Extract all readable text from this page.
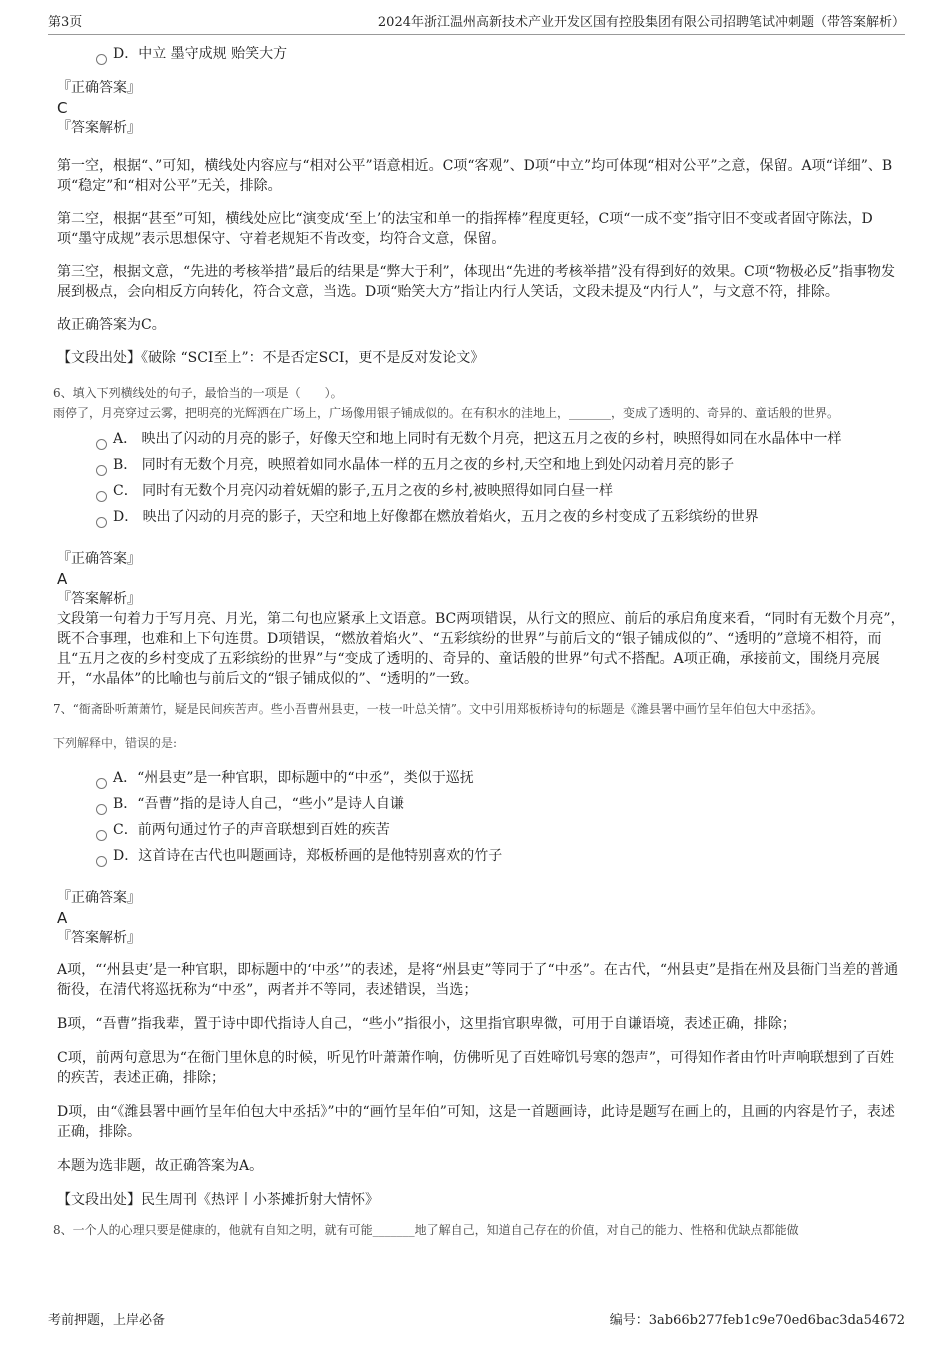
第3页	2024年浙江温州高新技术产业开发区国有控股集团有限公司招聘笔试冲刺题（带答案解析）
D．中立 墨守成规 贻笑大方

『正确答案』

C

『答案解析』

第一空，根据“、”可知，横线处内容应与“相对公平”语意相近。C项“客观”、D项“中立”均可体现“相对公平”之意，保留。A项“详细”、B项“稳定”和“相对公平”无关，排除。

第二空，根据“甚至”可知，横线处应比“演变成‘至上’的法宝和单一的指挥棒”程度更轻，C项“一成不变”指守旧不变或者固守陈法，D项“墨守成规”表示思想保守、守着老规矩不肯改变，均符合文意，保留。

第三空，根据文意，“先进的考核举措”最后的结果是“弊大于利”，体现出“先进的考核举措”没有得到好的效果。C项“物极必反”指事物发展到极点，会向相反方向转化，符合文意，当选。D项“贻笑大方”指让内行人笑话，文段未提及“内行人”，与文意不符，排除。

故正确答案为C。

【文段出处】《破除 “SCI至上”：不是否定SCI，更不是反对发论文》

6、填入下列横线处的句子，最恰当的一项是（　　）。

雨停了，月亮穿过云雾，把明亮的光辉洒在广场上，广场像用银子铺成似的。在有积水的洼地上，_______，变成了透明的、奇异的、童话般的世界。

A． 映出了闪动的月亮的影子，好像天空和地上同时有无数个月亮，把这五月之夜的乡村，映照得如同在水晶体中一样
B． 同时有无数个月亮，映照着如同水晶体一样的五月之夜的乡村,天空和地上到处闪动着月亮的影子
C． 同时有无数个月亮闪动着妩媚的影子,五月之夜的乡村,被映照得如同白昼一样
D． 映出了闪动的月亮的影子，天空和地上好像都在燃放着焰火，五月之夜的乡村变成了五彩缤纷的世界

『正确答案』

A

『答案解析』

文段第一句着力于写月亮、月光，第二句也应紧承上文语意。BC两项错误，从行文的照应、前后的承启角度来看，“同时有无数个月亮”，既不合事理，也难和上下句连贯。D项错误，“燃放着焰火”、“五彩缤纷的世界”与前后文的“银子铺成似的”、“透明的”意境不相符，而且“五月之夜的乡村变成了五彩缤纷的世界”与“变成了透明的、奇异的、童话般的世界”句式不搭配。A项正确，承接前文，围绕月亮展开，“水晶体”的比喻也与前后文的“银子铺成似的”、“透明的”一致。

7、“衙斋卧听萧萧竹，疑是民间疾苦声。些小吾曹州县吏，一枝一叶总关情”。文中引用郑板桥诗句的标题是《潍县署中画竹呈年伯包大中丞括》。

下列解释中，错误的是:

A．“州县吏”是一种官职，即标题中的“中丞”，类似于巡抚
B．“吾曹”指的是诗人自己，“些小”是诗人自谦
C．前两句通过竹子的声音联想到百姓的疾苦
D．这首诗在古代也叫题画诗，郑板桥画的是他特别喜欢的竹子

『正确答案』

A

『答案解析』

A项，“‘州县吏’是一种官职，即标题中的‘中丞’”的表述，是将“州县吏”等同于了“中丞”。在古代，“州县吏”是指在州及县衙门当差的普通衙役，在清代将巡抚称为“中丞”，两者并不等同，表述错误，当选；

B项，“吾曹”指我辈，置于诗中即代指诗人自己，“些小”指很小，这里指官职卑微，可用于自谦语境，表述正确，排除；

C项，前两句意思为“在衙门里休息的时候，听见竹叶萧萧作响，仿佛听见了百姓啼饥号寒的怨声”，可得知作者由竹叶声响联想到了百姓的疾苦，表述正确，排除；

D项，由“《潍县署中画竹呈年伯包大中丞括》”中的“画竹呈年伯”可知，这是一首题画诗，此诗是题写在画上的，且画的内容是竹子，表述正确，排除。

本题为选非题，故正确答案为A。

【文段出处】民生周刊《热评丨小茶摊折射大情怀》

8、一个人的心理只要是健康的，他就有自知之明，就有可能_______地了解自己，知道自己存在的价值，对自己的能力、性格和优缺点都能做

考前押题，上岸必备	编号：3ab66b277feb1c9e70ed6bac3da54672
